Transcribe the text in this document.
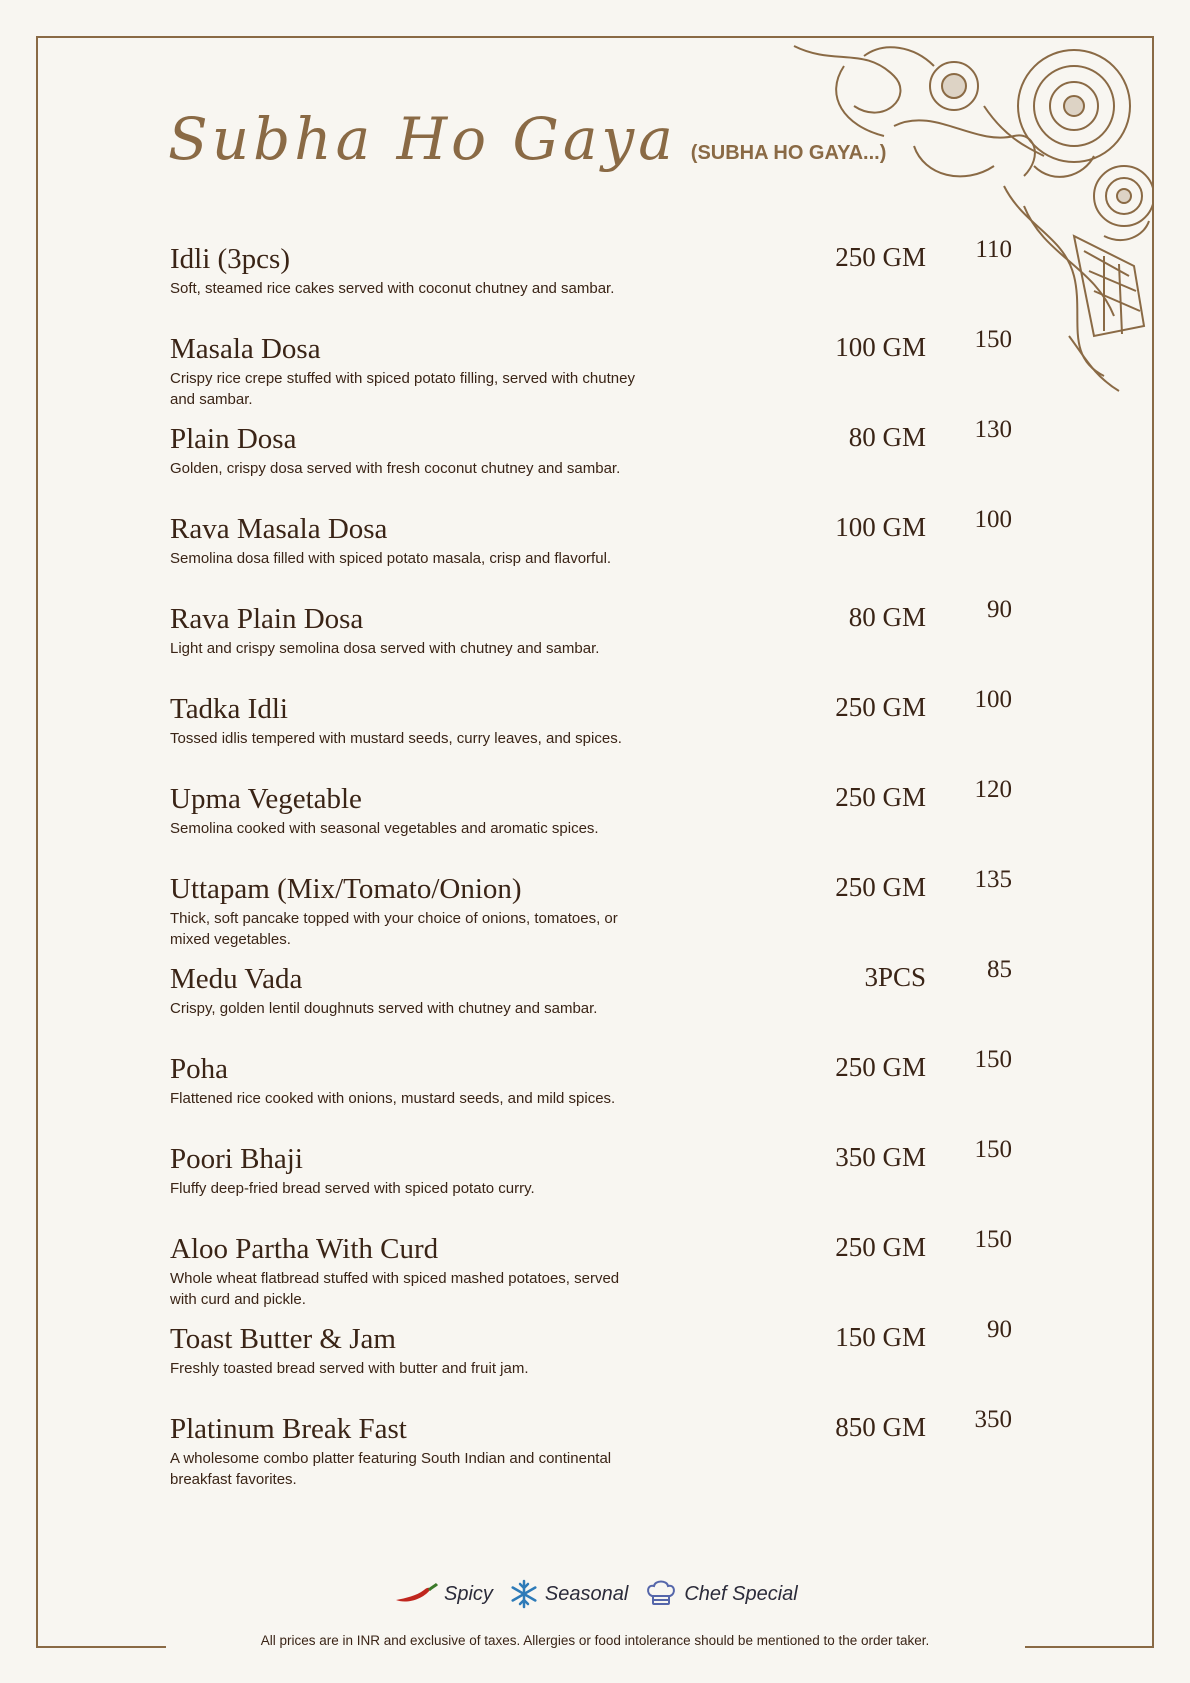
Subha Ho Gaya (SUBHA HO GAYA...)

Idli (3pcs)

Soft, steamed rice cakes served with coconut chutney and sambar.

250 GM 110

Masala Dosa

Crispy rice crepe stuffed with spiced potato filling, served with chutney and sambar.

100 GM 150

Plain Dosa

Golden, crispy dosa served with fresh coconut chutney and sambar.

80 GM 130

Rava Masala Dosa

Semolina dosa filled with spiced potato masala, crisp and flavorful.

100 GM 100

Rava Plain Dosa

Light and crispy semolina dosa served with chutney and sambar.

80 GM 90

Tadka Idli

Tossed idlis tempered with mustard seeds, curry leaves, and spices.

250 GM 100

Upma Vegetable

Semolina cooked with seasonal vegetables and aromatic spices.

250 GM 120

Uttapam (Mix/Tomato/Onion)

Thick, soft pancake topped with your choice of onions, tomatoes, or mixed vegetables.

250 GM 135

Medu Vada

Crispy, golden lentil doughnuts served with chutney and sambar.

3PCS 85

Poha

Flattened rice cooked with onions, mustard seeds, and mild spices.

250 GM 150

Poori Bhaji

Fluffy deep-fried bread served with spiced potato curry.

350 GM 150

Aloo Partha With Curd

Whole wheat flatbread stuffed with spiced mashed potatoes, served with curd and pickle.

250 GM 150

Toast Butter & Jam

Freshly toasted bread served with butter and fruit jam.

150 GM 90

Platinum Break Fast

A wholesome combo platter featuring South Indian and continental breakfast favorites.

850 GM 350
Spicy	Seasonal	Chef Special
All prices are in INR and exclusive of taxes. Allergies or food intolerance should be mentioned to the order taker.
